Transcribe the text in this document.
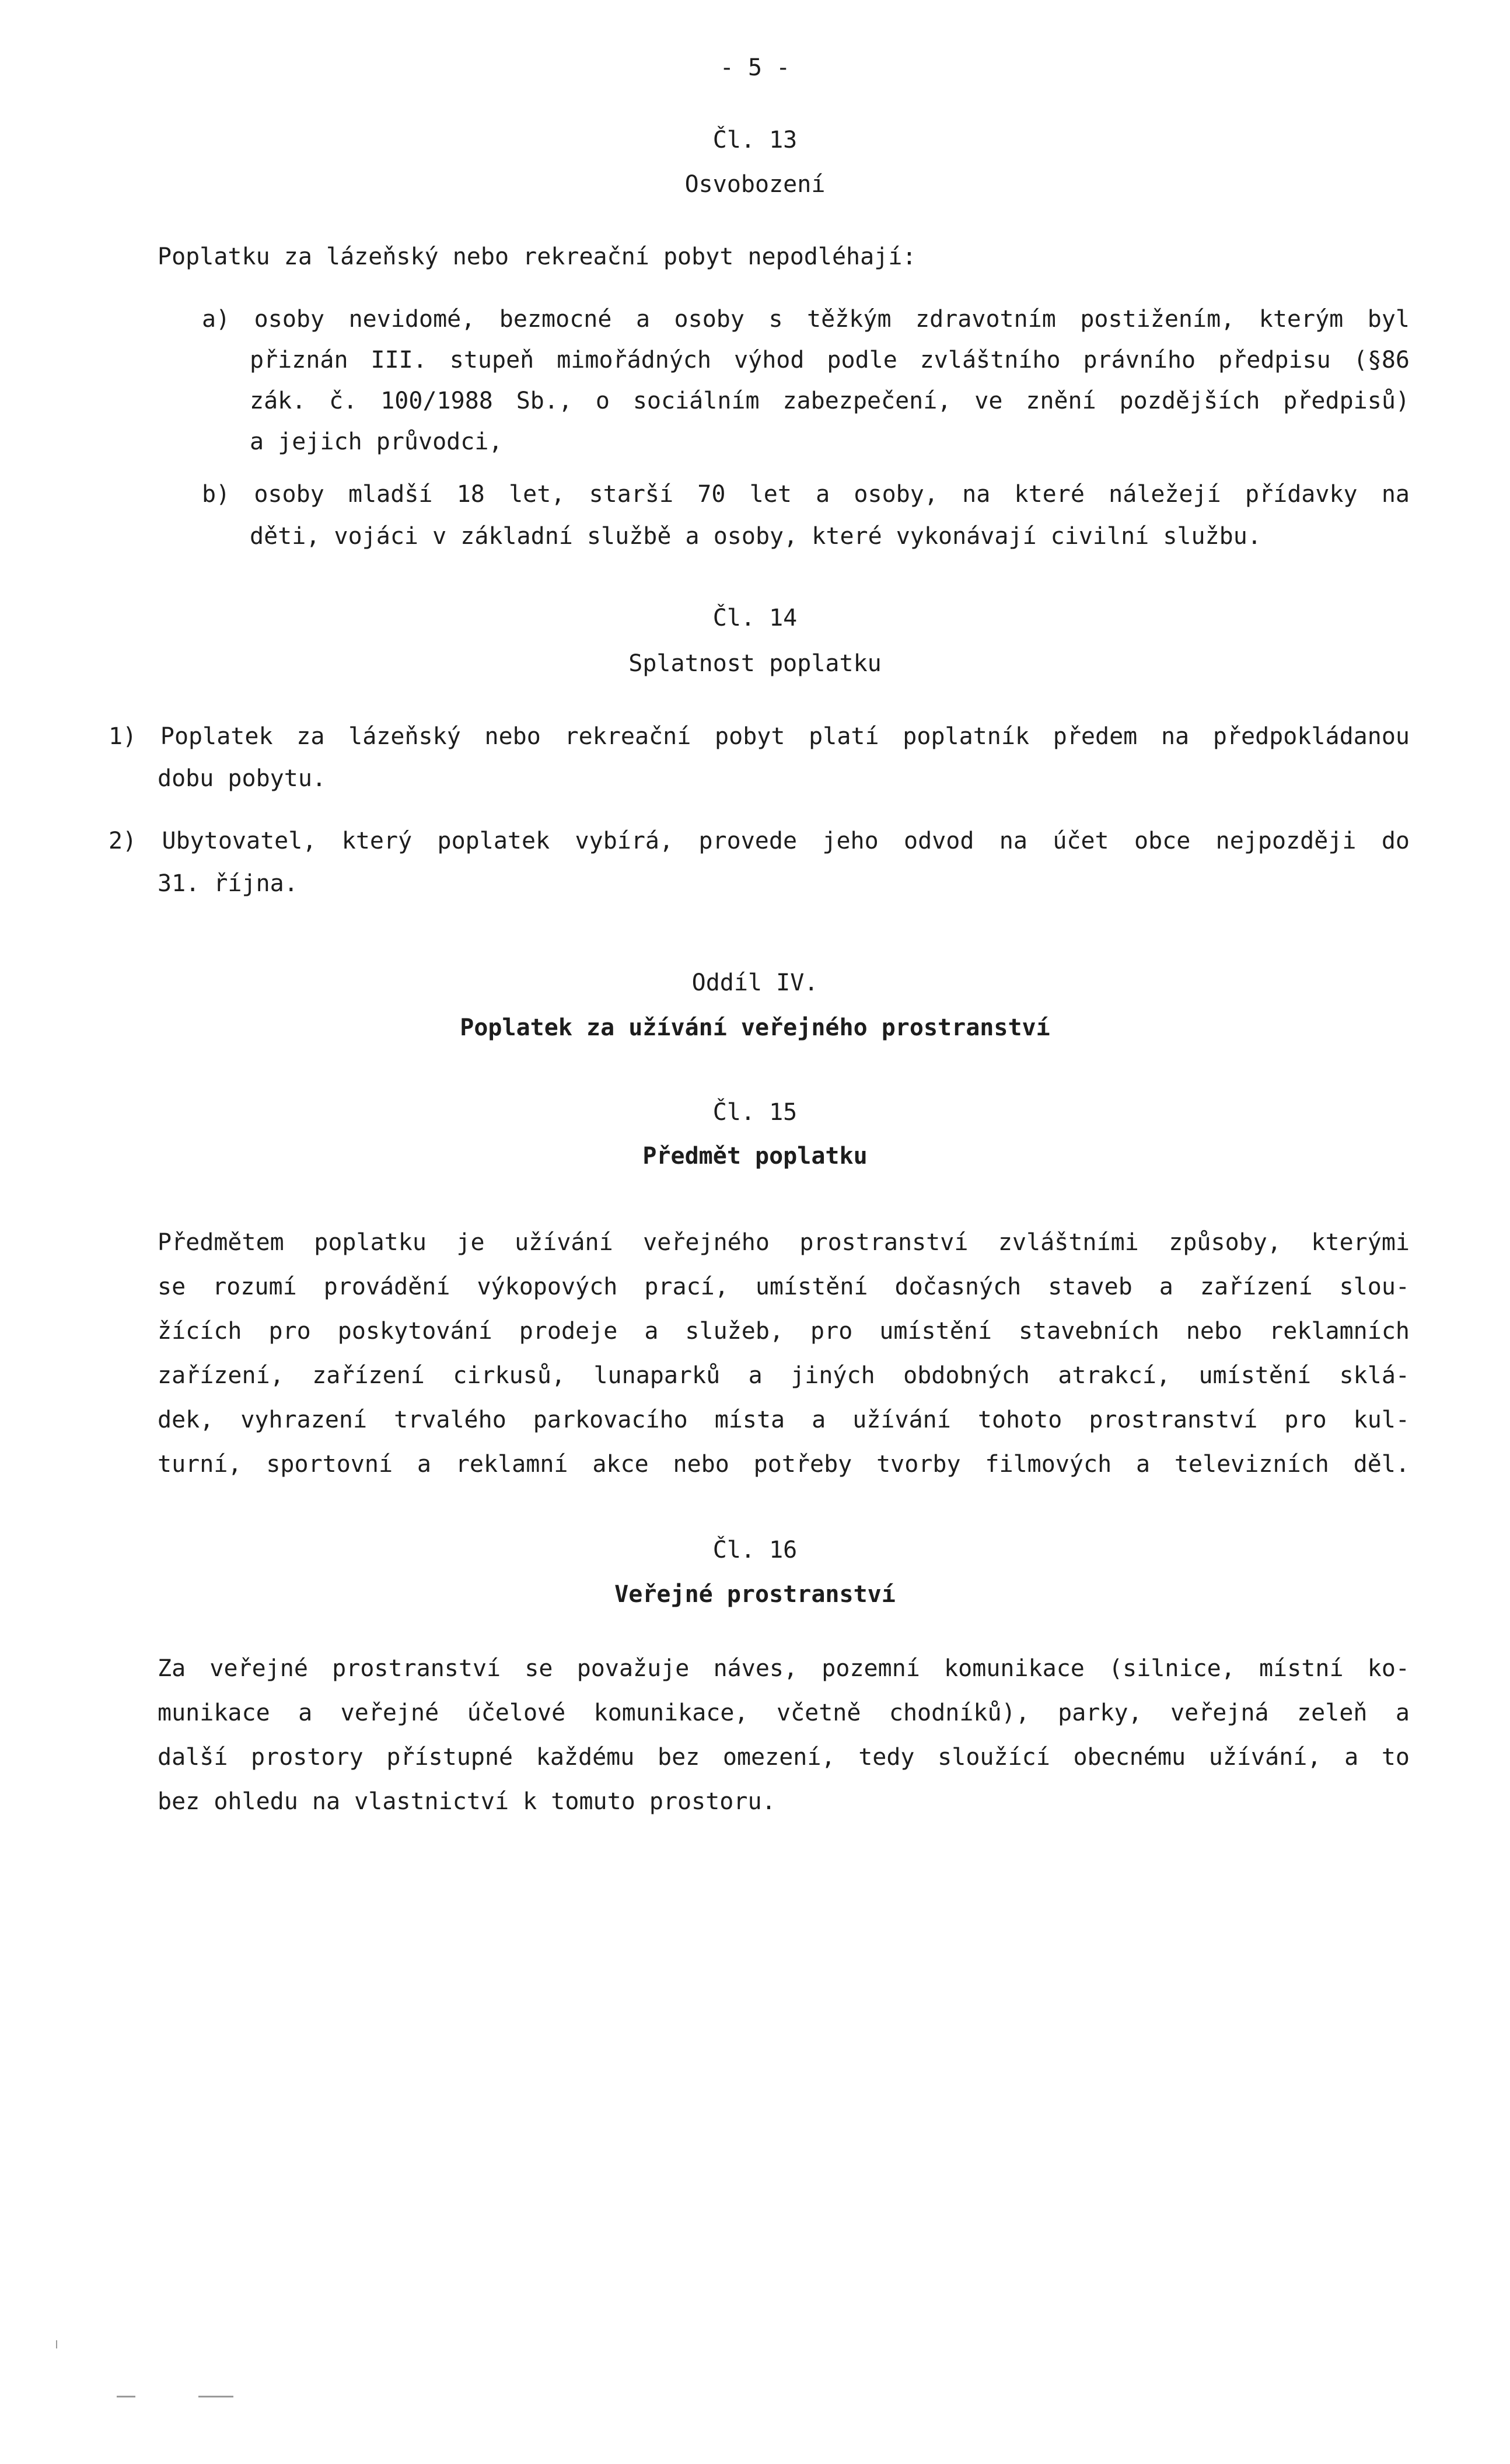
- 5 -
Čl. 13
Osvobození
Poplatku za lázeňský nebo rekreační pobyt nepodléhají:
a) osoby nevidomé, bezmocné a osoby s těžkým zdravotním postižením, kterým byl
přiznán III. stupeň mimořádných výhod podle zvláštního právního předpisu (§86
zák. č. 100/1988 Sb., o sociálním zabezpečení, ve znění pozdějších předpisů)
a jejich průvodci,
b) osoby mladší 18 let, starší 70 let a osoby, na které náležejí přídavky na
děti, vojáci v základní službě a osoby, které vykonávají civilní službu.
Čl. 14
Splatnost poplatku
1) Poplatek za lázeňský nebo rekreační pobyt platí poplatník předem na předpokládanou
dobu pobytu.
2) Ubytovatel, který poplatek vybírá, provede jeho odvod na účet obce nejpozději do
31. října.
Oddíl IV.
Poplatek za užívání veřejného prostranství
Čl. 15
Předmět poplatku
Předmětem poplatku je užívání veřejného prostranství zvláštními způsoby, kterými
se rozumí provádění výkopových prací, umístění dočasných staveb a zařízení slou-
žících pro poskytování prodeje a služeb, pro umístění stavebních nebo reklamních
zařízení, zařízení cirkusů, lunaparků a jiných obdobných atrakcí, umístění sklá-
dek, vyhrazení trvalého parkovacího místa a užívání tohoto prostranství pro kul-
turní, sportovní a reklamní akce nebo potřeby tvorby filmových a televizních děl.
Čl. 16
Veřejné prostranství
Za veřejné prostranství se považuje náves, pozemní komunikace (silnice, místní ko-
munikace a veřejné účelové komunikace, včetně chodníků), parky, veřejná zeleň a
další prostory přístupné každému bez omezení, tedy sloužící obecnému užívání, a to
bez ohledu na vlastnictví k tomuto prostoru.
